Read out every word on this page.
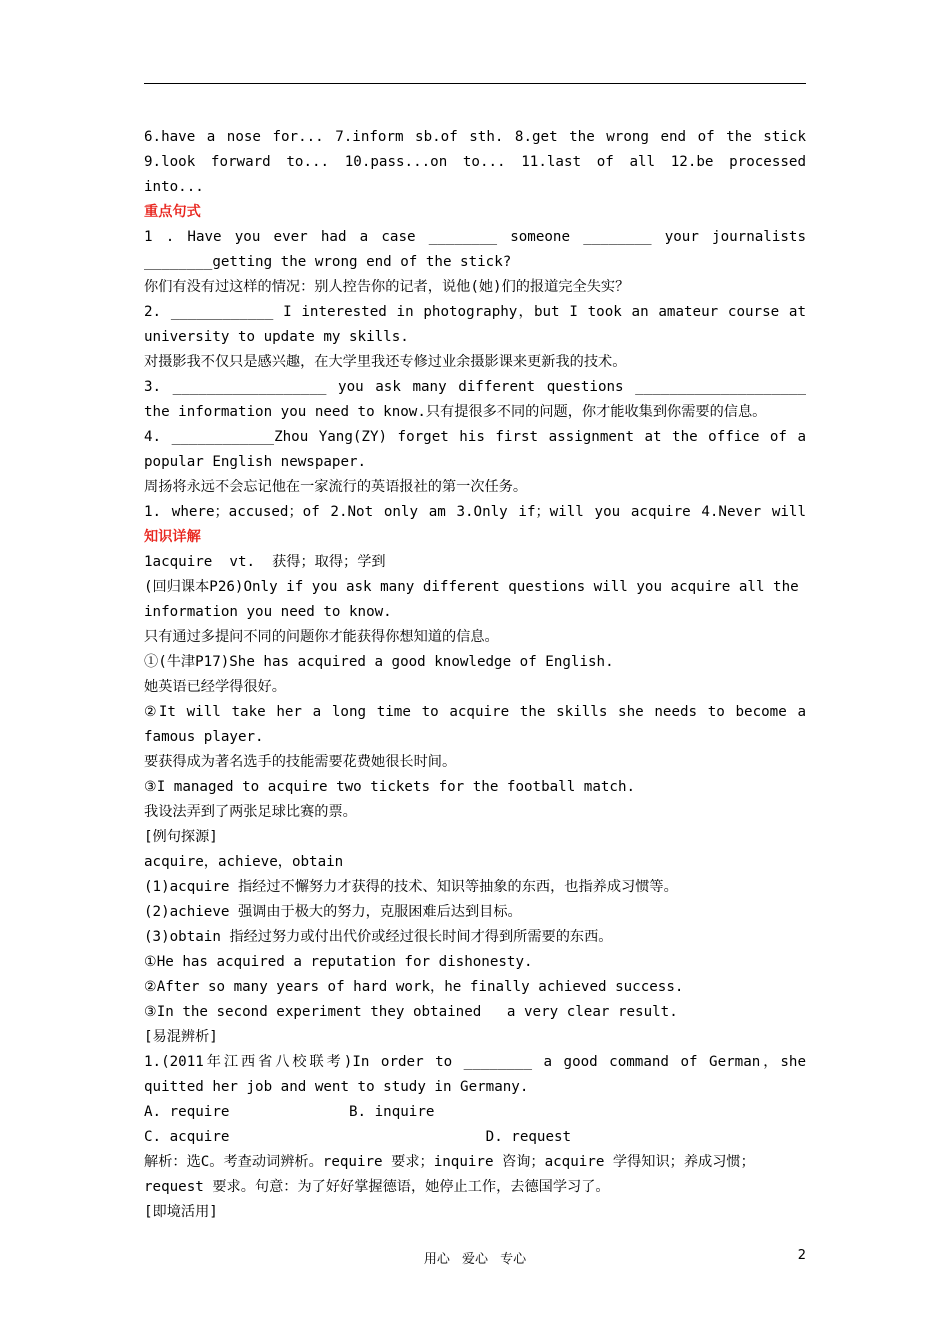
6.have a nose for... 7.inform sb.of sth. 8.get the wrong end of the stick
9.look forward to... 10.pass...on to... 11.last of all 12.be processed
into...
重点句式
1 . Have you ever had a case ________ someone ________ your journalists
________getting the wrong end of the stick?
你们有没有过这样的情况：别人控告你的记者，说他(她)们的报道完全失实？
2. ____________ I interested in photography，but I took an amateur course at
university to update my skills.
对摄影我不仅只是感兴趣，在大学里我还专修过业余摄影课来更新我的技术。
3. __________________ you ask many different questions ____________________
the information you need to know.只有提很多不同的问题，你才能收集到你需要的信息。
4. ____________Zhou Yang(ZY) forget his first assignment at the office of a
popular English newspaper.
周扬将永远不会忘记他在一家流行的英语报社的第一次任务。
1. where；accused；of 2.Not only am 3.Only if；will you acquire 4.Never will
知识详解
1acquire  vt.  获得；取得；学到
(回归课本P26)Only if you ask many different questions will you acquire all the
information you need to know.
只有通过多提问不同的问题你才能获得你想知道的信息。
①(牛津P17)She has acquired a good knowledge of English.
她英语已经学得很好。
②It will take her a long time to acquire the skills she needs to become a
famous player.
要获得成为著名选手的技能需要花费她很长时间。
③I managed to acquire two tickets for the football match.
我设法弄到了两张足球比赛的票。
[例句探源]
acquire，achieve，obtain
(1)acquire 指经过不懈努力才获得的技术、知识等抽象的东西，也指养成习惯等。
(2)achieve 强调由于极大的努力，克服困难后达到目标。
(3)obtain 指经过努力或付出代价或经过很长时间才得到所需要的东西。
①He has acquired a reputation for dishonesty.
②After so many years of hard work，he finally achieved success.
③In the second experiment they obtained   a very clear result.
[易混辨析]
1.(2011年江西省八校联考)In order to ________ a good command of German，she
quitted her job and went to study in Germany.
A. require              B. inquire
C. acquire                              D. request
解析：选C。考查动词辨析。require 要求；inquire 咨询；acquire 学得知识；养成习惯；
request 要求。句意：为了好好掌握德语，她停止工作，去德国学习了。
[即境活用]
用心 爱心 专心	2
